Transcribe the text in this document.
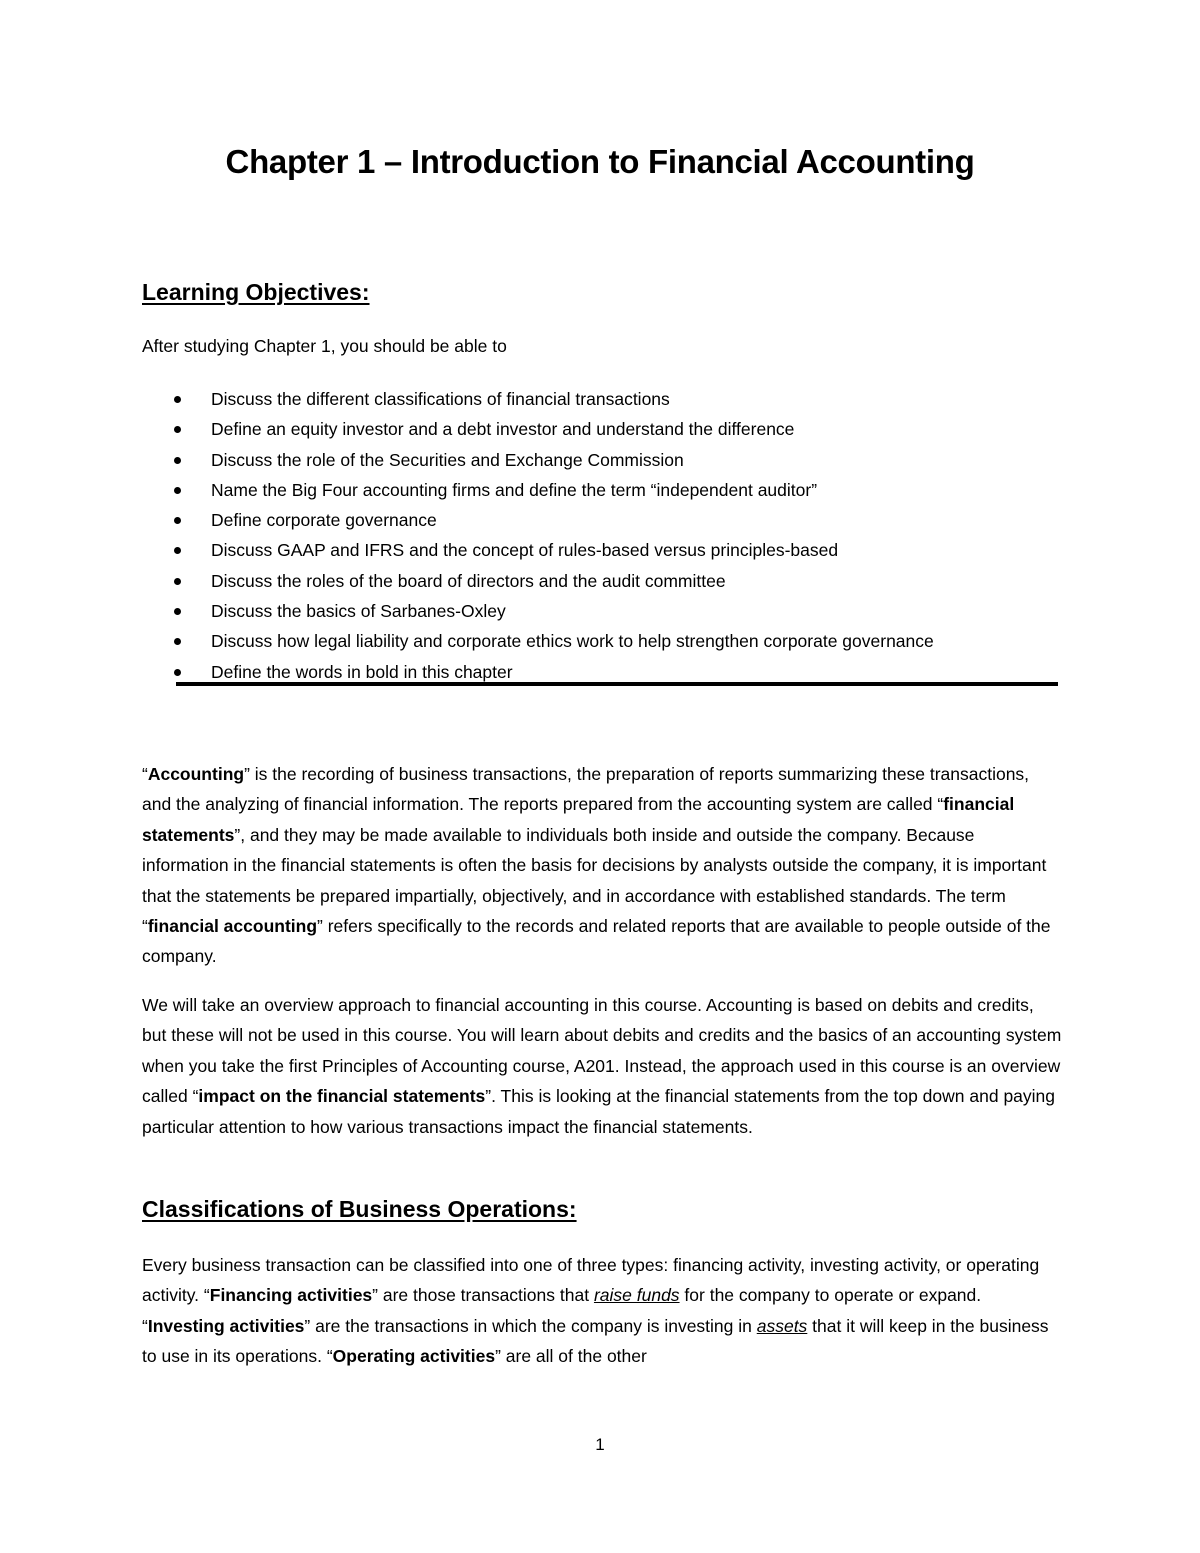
Chapter 1 – Introduction to Financial Accounting
Learning Objectives:
After studying Chapter 1, you should be able to
Discuss the different classifications of financial transactions
Define an equity investor and a debt investor and understand the difference
Discuss the role of the Securities and Exchange Commission
Name the Big Four accounting firms and define the term “independent auditor”
Define corporate governance
Discuss GAAP and IFRS and the concept of rules-based versus principles-based
Discuss the roles of the board of directors and the audit committee
Discuss the basics of Sarbanes-Oxley
Discuss how legal liability and corporate ethics work to help strengthen corporate governance
Define the words in bold in this chapter

“Accounting” is the recording of business transactions, the preparation of reports summarizing these transactions, and the analyzing of financial information. The reports prepared from the accounting system are called “financial statements”, and they may be made available to individuals both inside and outside the company. Because information in the financial statements is often the basis for decisions by analysts outside the company, it is important that the statements be prepared impartially, objectively, and in accordance with established standards. The term “financial accounting” refers specifically to the records and related reports that are available to people outside of the company.

We will take an overview approach to financial accounting in this course. Accounting is based on debits and credits, but these will not be used in this course. You will learn about debits and credits and the basics of an accounting system when you take the first Principles of Accounting course, A201. Instead, the approach used in this course is an overview called “impact on the financial statements”. This is looking at the financial statements from the top down and paying particular attention to how various transactions impact the financial statements.

Classifications of Business Operations:

Every business transaction can be classified into one of three types: financing activity, investing activity, or operating activity. “Financing activities” are those transactions that raise funds for the company to operate or expand. “Investing activities” are the transactions in which the company is investing in assets that it will keep in the business to use in its operations. “Operating activities” are all of the other

1
